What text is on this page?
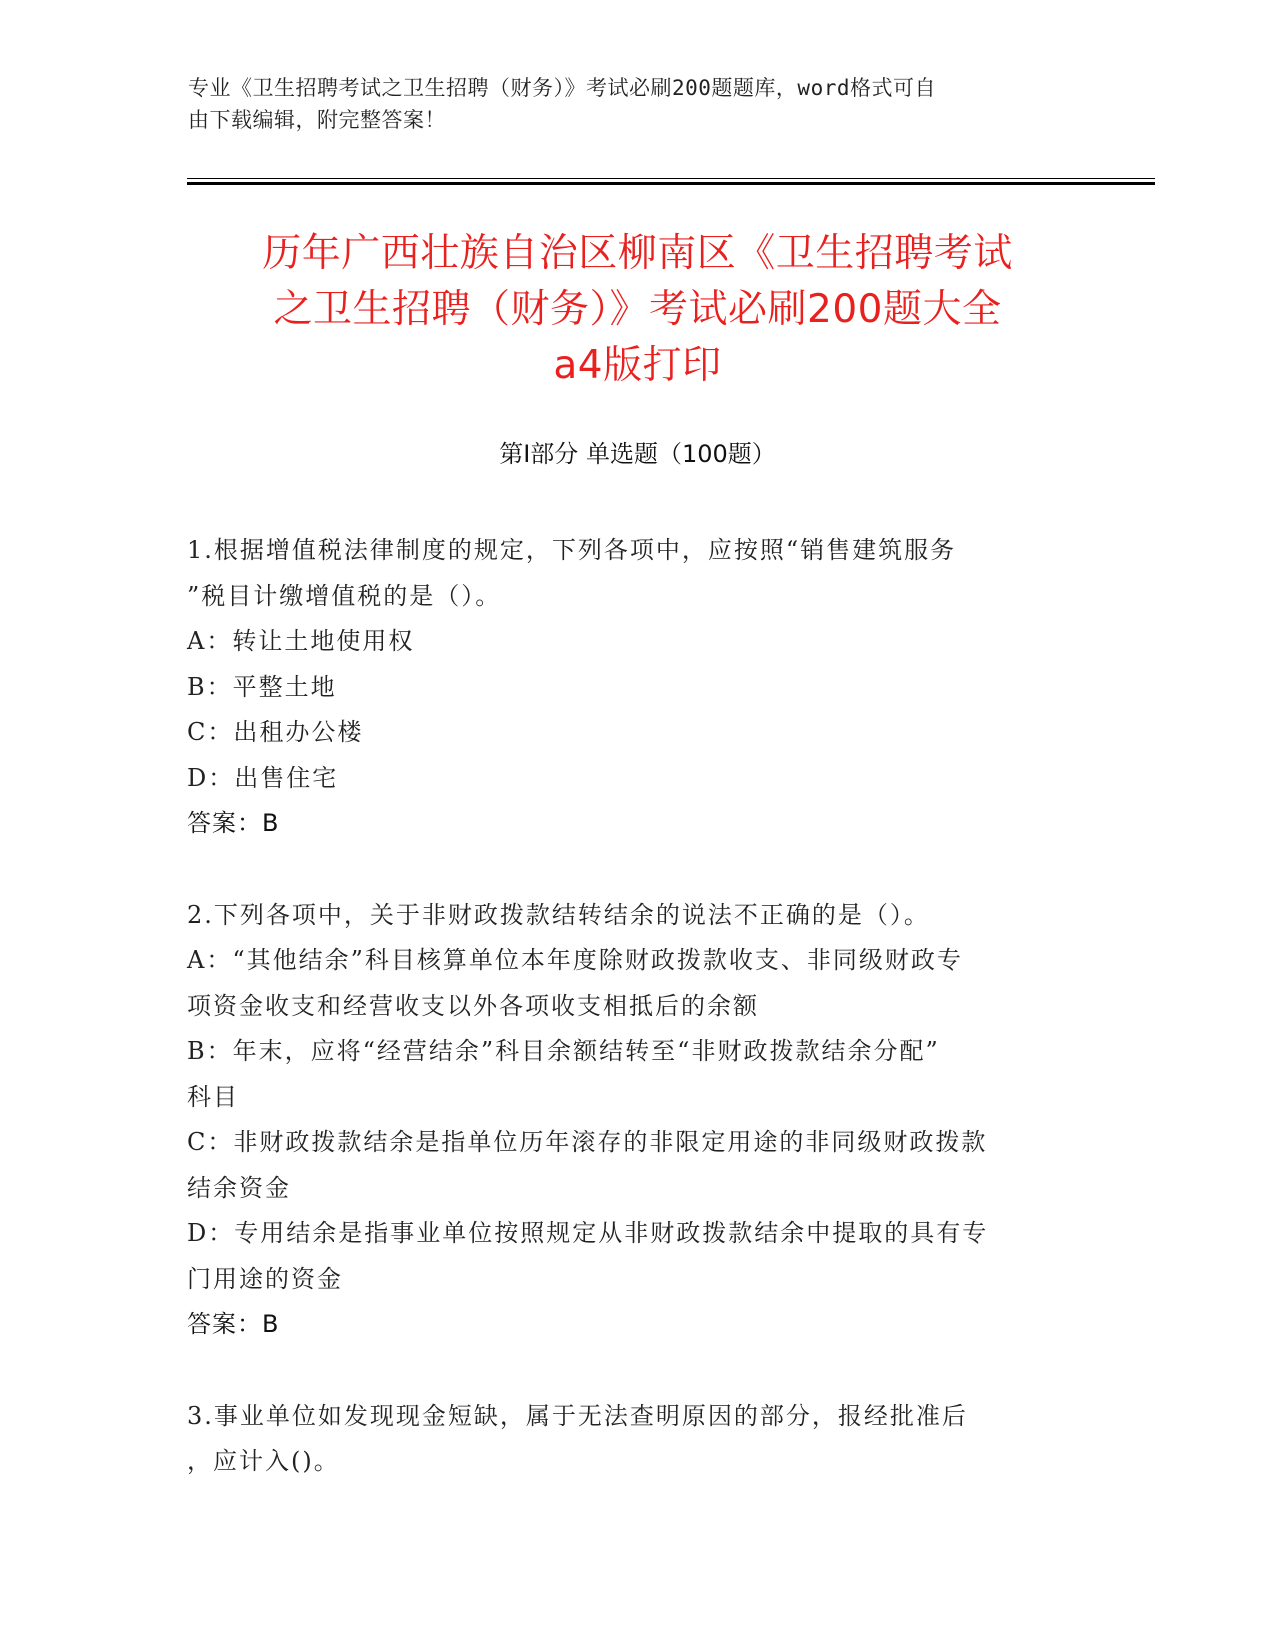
专业《卫生招聘考试之卫生招聘（财务）》考试必刷200题题库，word格式可自
由下载编辑，附完整答案！
历年广西壮族自治区柳南区《卫生招聘考试
之卫生招聘（财务）》考试必刷200题大全
a4版打印
第Ⅰ部分 单选题（100题）
1.根据增值税法律制度的规定，下列各项中，应按照“销售建筑服务
”税目计缴增值税的是（）。
A：转让土地使用权
B：平整土地
C：出租办公楼
D：出售住宅
答案：B
2.下列各项中，关于非财政拨款结转结余的说法不正确的是（）。
A：“其他结余”科目核算单位本年度除财政拨款收支、非同级财政专
项资金收支和经营收支以外各项收支相抵后的余额
B：年末，应将“经营结余”科目余额结转至“非财政拨款结余分配”
科目
C：非财政拨款结余是指单位历年滚存的非限定用途的非同级财政拨款
结余资金
D：专用结余是指事业单位按照规定从非财政拨款结余中提取的具有专
门用途的资金
答案：B
3.事业单位如发现现金短缺，属于无法查明原因的部分，报经批准后
，应计入()。
